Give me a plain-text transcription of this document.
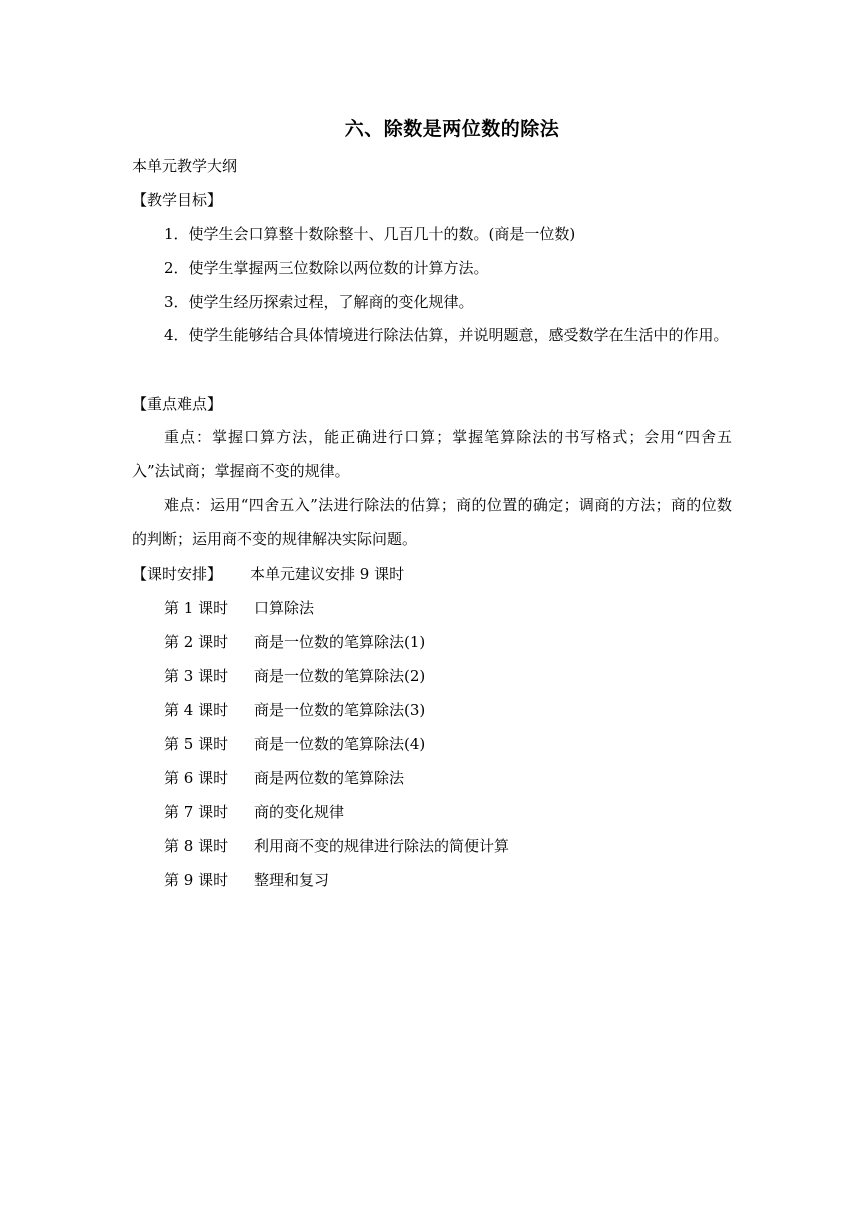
六、除数是两位数的除法
本单元教学大纲
【教学目标】
1．使学生会口算整十数除整十、几百几十的数。(商是一位数)
2．使学生掌握两三位数除以两位数的计算方法。
3．使学生经历探索过程，了解商的变化规律。
4．使学生能够结合具体情境进行除法估算，并说明题意，感受数学在生活中的作用。
【重点难点】
重点：掌握口算方法，能正确进行口算；掌握笔算除法的书写格式；会用“四舍五入”法试商；掌握商不变的规律。
难点：运用“四舍五入”法进行除法的估算；商的位置的确定；调商的方法；商的位数的判断；运用商不变的规律解决实际问题。
【课时安排】 本单元建议安排 9 课时
第 1 课时 口算除法
第 2 课时 商是一位数的笔算除法(1)
第 3 课时 商是一位数的笔算除法(2)
第 4 课时 商是一位数的笔算除法(3)
第 5 课时 商是一位数的笔算除法(4)
第 6 课时 商是两位数的笔算除法
第 7 课时 商的变化规律
第 8 课时 利用商不变的规律进行除法的简便计算
第 9 课时 整理和复习
